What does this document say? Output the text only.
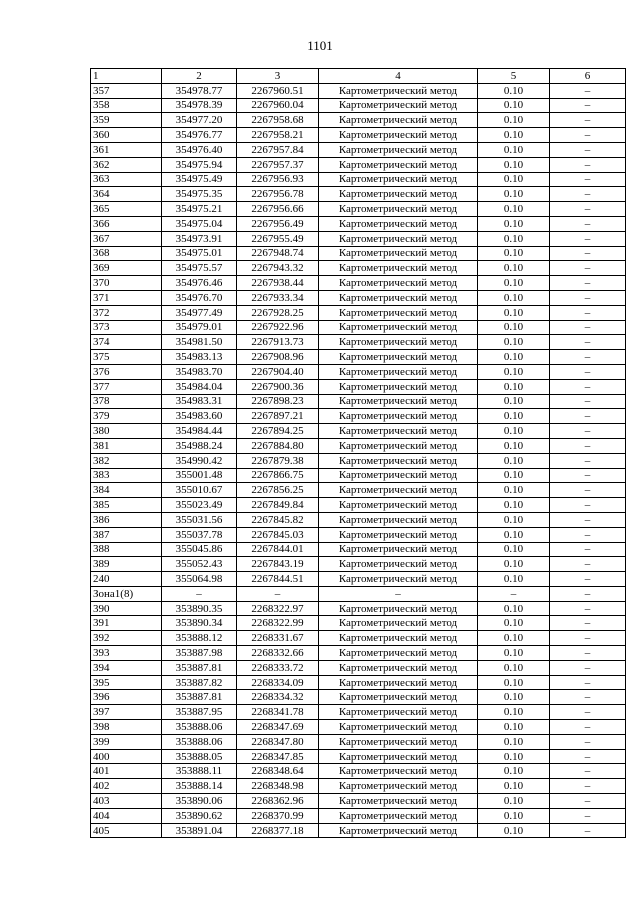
1101
1	2	3	4	5	6
357	354978.77	2267960.51	Картометрический метод	0.10	–
358	354978.39	2267960.04	Картометрический метод	0.10	–
359	354977.20	2267958.68	Картометрический метод	0.10	–
360	354976.77	2267958.21	Картометрический метод	0.10	–
361	354976.40	2267957.84	Картометрический метод	0.10	–
362	354975.94	2267957.37	Картометрический метод	0.10	–
363	354975.49	2267956.93	Картометрический метод	0.10	–
364	354975.35	2267956.78	Картометрический метод	0.10	–
365	354975.21	2267956.66	Картометрический метод	0.10	–
366	354975.04	2267956.49	Картометрический метод	0.10	–
367	354973.91	2267955.49	Картометрический метод	0.10	–
368	354975.01	2267948.74	Картометрический метод	0.10	–
369	354975.57	2267943.32	Картометрический метод	0.10	–
370	354976.46	2267938.44	Картометрический метод	0.10	–
371	354976.70	2267933.34	Картометрический метод	0.10	–
372	354977.49	2267928.25	Картометрический метод	0.10	–
373	354979.01	2267922.96	Картометрический метод	0.10	–
374	354981.50	2267913.73	Картометрический метод	0.10	–
375	354983.13	2267908.96	Картометрический метод	0.10	–
376	354983.70	2267904.40	Картометрический метод	0.10	–
377	354984.04	2267900.36	Картометрический метод	0.10	–
378	354983.31	2267898.23	Картометрический метод	0.10	–
379	354983.60	2267897.21	Картометрический метод	0.10	–
380	354984.44	2267894.25	Картометрический метод	0.10	–
381	354988.24	2267884.80	Картометрический метод	0.10	–
382	354990.42	2267879.38	Картометрический метод	0.10	–
383	355001.48	2267866.75	Картометрический метод	0.10	–
384	355010.67	2267856.25	Картометрический метод	0.10	–
385	355023.49	2267849.84	Картометрический метод	0.10	–
386	355031.56	2267845.82	Картометрический метод	0.10	–
387	355037.78	2267845.03	Картометрический метод	0.10	–
388	355045.86	2267844.01	Картометрический метод	0.10	–
389	355052.43	2267843.19	Картометрический метод	0.10	–
240	355064.98	2267844.51	Картометрический метод	0.10	–
Зона1(8)	–	–	–	–	–
390	353890.35	2268322.97	Картометрический метод	0.10	–
391	353890.34	2268322.99	Картометрический метод	0.10	–
392	353888.12	2268331.67	Картометрический метод	0.10	–
393	353887.98	2268332.66	Картометрический метод	0.10	–
394	353887.81	2268333.72	Картометрический метод	0.10	–
395	353887.82	2268334.09	Картометрический метод	0.10	–
396	353887.81	2268334.32	Картометрический метод	0.10	–
397	353887.95	2268341.78	Картометрический метод	0.10	–
398	353888.06	2268347.69	Картометрический метод	0.10	–
399	353888.06	2268347.80	Картометрический метод	0.10	–
400	353888.05	2268347.85	Картометрический метод	0.10	–
401	353888.11	2268348.64	Картометрический метод	0.10	–
402	353888.14	2268348.98	Картометрический метод	0.10	–
403	353890.06	2268362.96	Картометрический метод	0.10	–
404	353890.62	2268370.99	Картометрический метод	0.10	–
405	353891.04	2268377.18	Картометрический метод	0.10	–
